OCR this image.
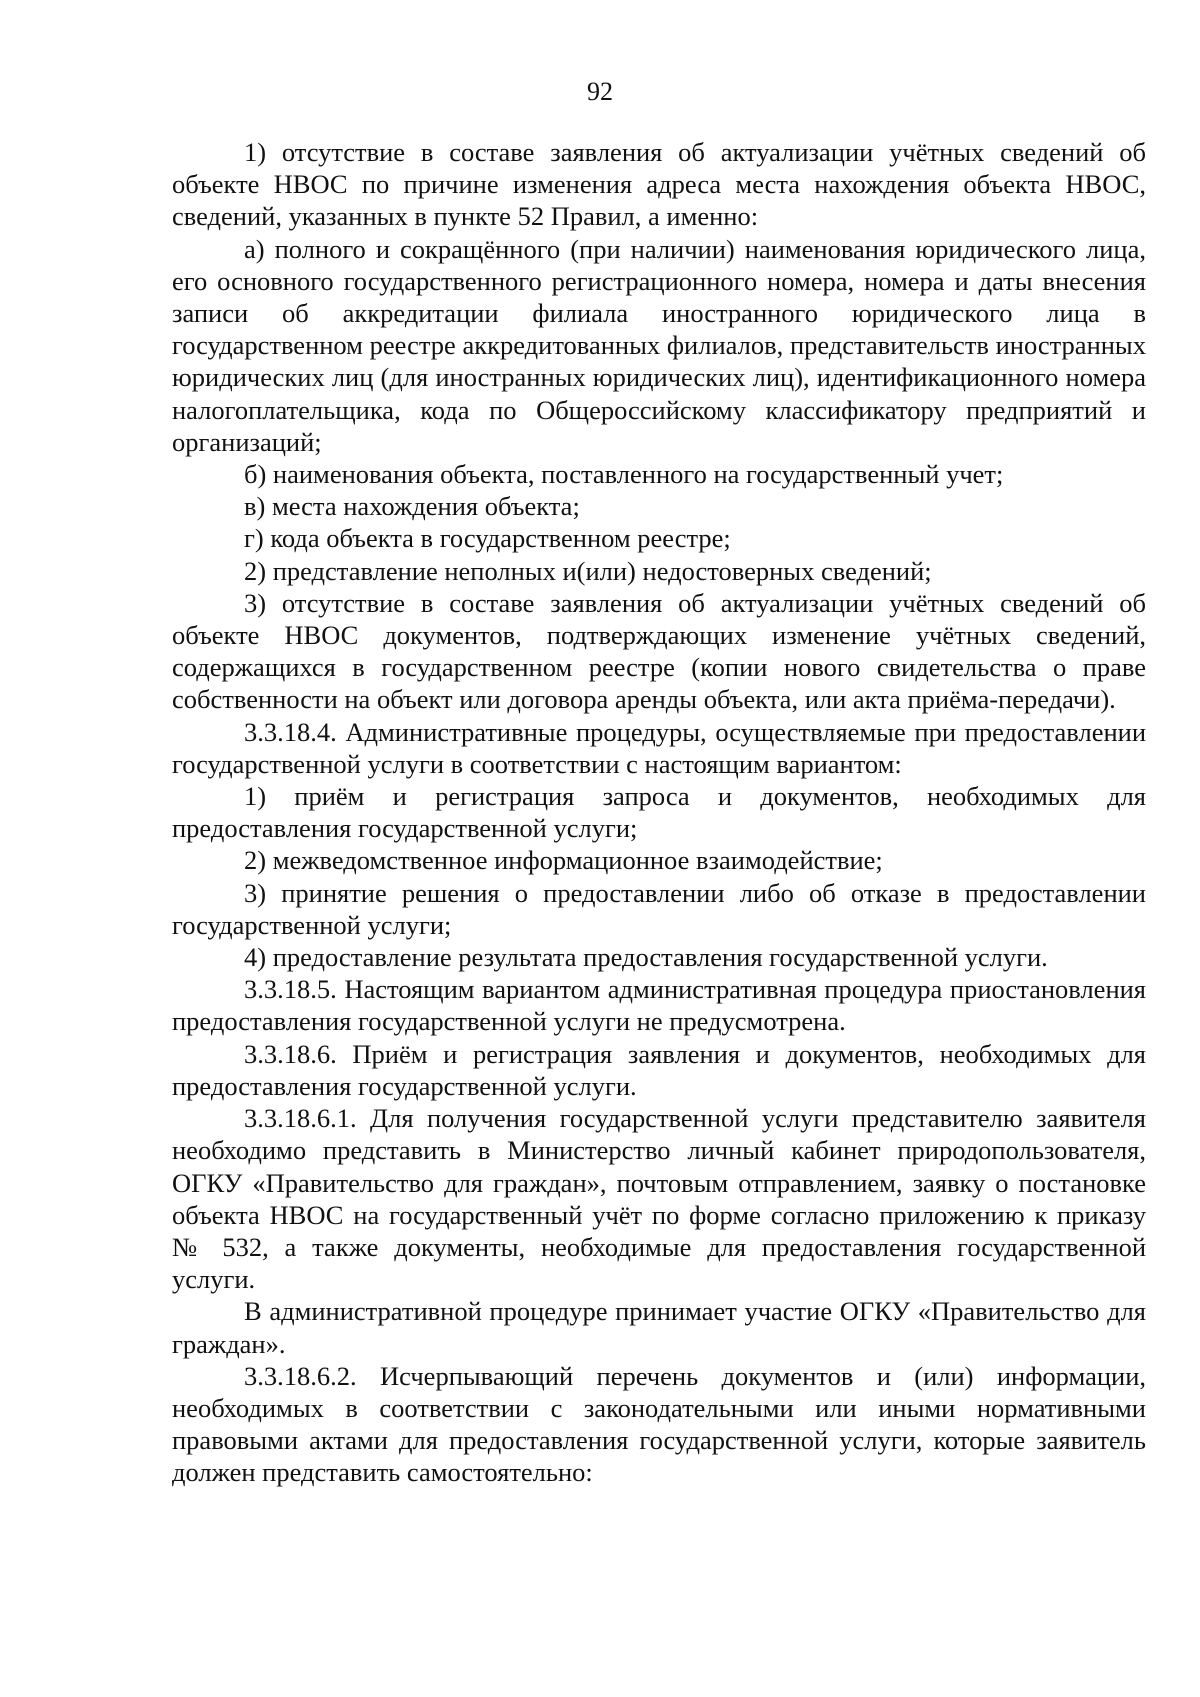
92

1) отсутствие в составе заявления об актуализации учётных сведений об объекте НВОС по причине изменения адреса места нахождения объекта НВОС, сведений, указанных в пункте 52 Правил, а именно:

а) полного и сокращённого (при наличии) наименования юридического лица, его основного государственного регистрационного номера, номера и даты внесения записи об аккредитации филиала иностранного юридического лица в государственном реестре аккредитованных филиалов, представительств иностранных юридических лиц (для иностранных юридических лиц), идентификационного номера налогоплательщика, кода по Общероссийскому классификатору предприятий и организаций;

б) наименования объекта, поставленного на государственный учет;

в) места нахождения объекта;

г) кода объекта в государственном реестре;

2) представление неполных и(или) недостоверных сведений;

3) отсутствие в составе заявления об актуализации учётных сведений об объекте НВОС документов, подтверждающих изменение учётных сведений, содержащихся в государственном реестре (копии нового свидетельства о праве собственности на объект или договора аренды объекта, или акта приёма-передачи).

3.3.18.4. Административные процедуры, осуществляемые при предоставлении государственной услуги в соответствии с настоящим вариантом:

1) приём и регистрация запроса и документов, необходимых для предоставления государственной услуги;

2) межведомственное информационное взаимодействие;

3) принятие решения о предоставлении либо об отказе в предоставлении государственной услуги;

4) предоставление результата предоставления государственной услуги.

3.3.18.5. Настоящим вариантом административная процедура приостановления предоставления государственной услуги не предусмотрена.

3.3.18.6. Приём и регистрация заявления и документов, необходимых для предоставления государственной услуги.

3.3.18.6.1. Для получения государственной услуги представителю заявителя необходимо представить в Министерство личный кабинет природопользователя, ОГКУ «Правительство для граждан», почтовым отправлением, заявку о постановке объекта НВОС на государственный учёт по форме согласно приложению к приказу № 532, а также документы, необходимые для предоставления государственной услуги.

В административной процедуре принимает участие ОГКУ «Правительство для граждан».

3.3.18.6.2. Исчерпывающий перечень документов и (или) информации, необходимых в соответствии с законодательными или иными нормативными правовыми актами для предоставления государственной услуги, которые заявитель должен представить самостоятельно:
